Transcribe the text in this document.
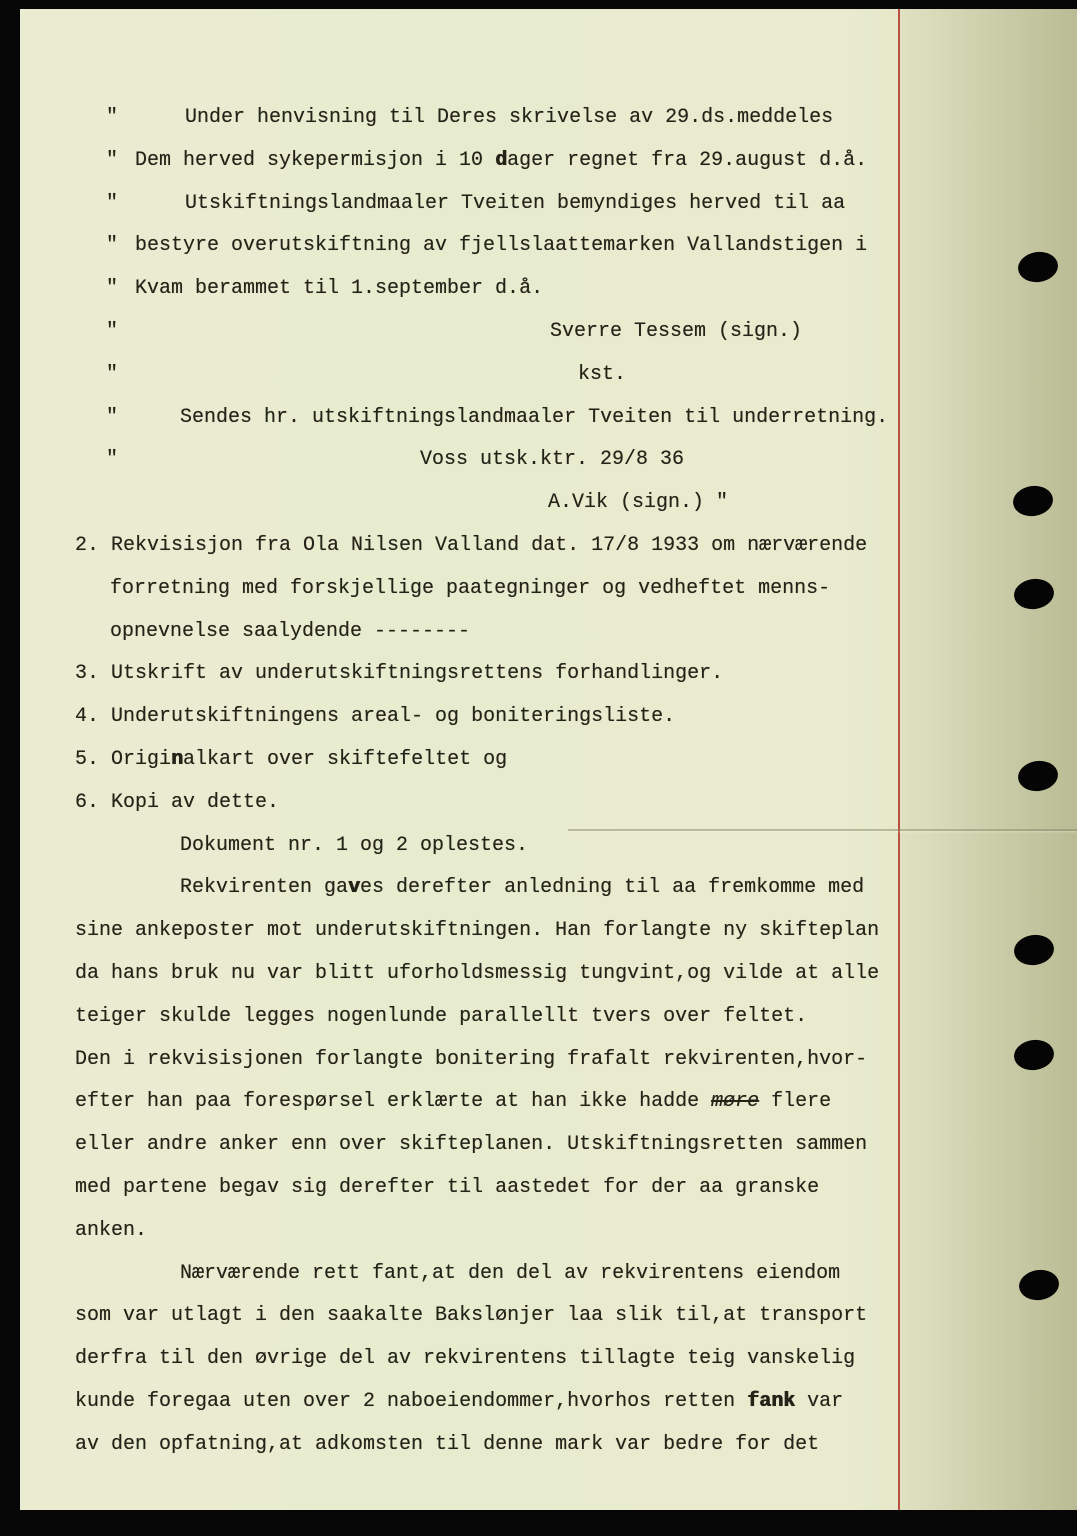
"	Under henvisning til Deres skrivelse av 29.ds.meddeles
" Dem herved sykepermisjon i 10 dager regnet fra 29.august d.å.
"	Utskiftningslandmaaler Tveiten bemyndiges herved til aa
" bestyre overutskiftning av fjellslaattemarken Vallandstigen i
" Kvam berammet til 1.september d.å.
"	Sverre Tessem (sign.)
"	kst.
"	Sendes hr. utskiftningslandmaaler Tveiten til underretning.
"	Voss utsk.ktr. 29/8 36
A.Vik (sign.) "
2. Rekvisisjon fra Ola Nilsen Valland dat. 17/8 1933 om nærværende
forretning med forskjellige paategninger og vedheftet menns-
opnevnelse saalydende --------
3. Utskrift av underutskiftningsrettens forhandlinger.
4. Underutskiftningens areal- og boniteringsliste.
5. Originalkart over skiftefeltet og
6. Kopi av dette.
Dokument nr. 1 og 2 oplestes.
Rekvirenten gaves derefter anledning til aa fremkomme med
sine ankeposter mot underutskiftningen. Han forlangte ny skifteplan
da hans bruk nu var blitt uforholdsmessig tungvint,og vilde at alle
teiger skulde legges nogenlunde parallellt tvers over feltet.
Den i rekvisisjonen forlangte bonitering frafalt rekvirenten,hvor-
efter han paa forespørsel erklærte at han ikke hadde møre flere
eller andre anker enn over skifteplanen. Utskiftningsretten sammen
med partene begav sig derefter til aastedet for der aa granske
anken.
Nærværende rett fant,at den del av rekvirentens eiendom
som var utlagt i den saakalte Bakslønjer laa slik til,at transport
derfra til den øvrige del av rekvirentens tillagte teig vanskelig
kunde foregaa uten over 2 naboeiendommer,hvorhos retten fank var
av den opfatning,at adkomsten til denne mark var bedre for det
